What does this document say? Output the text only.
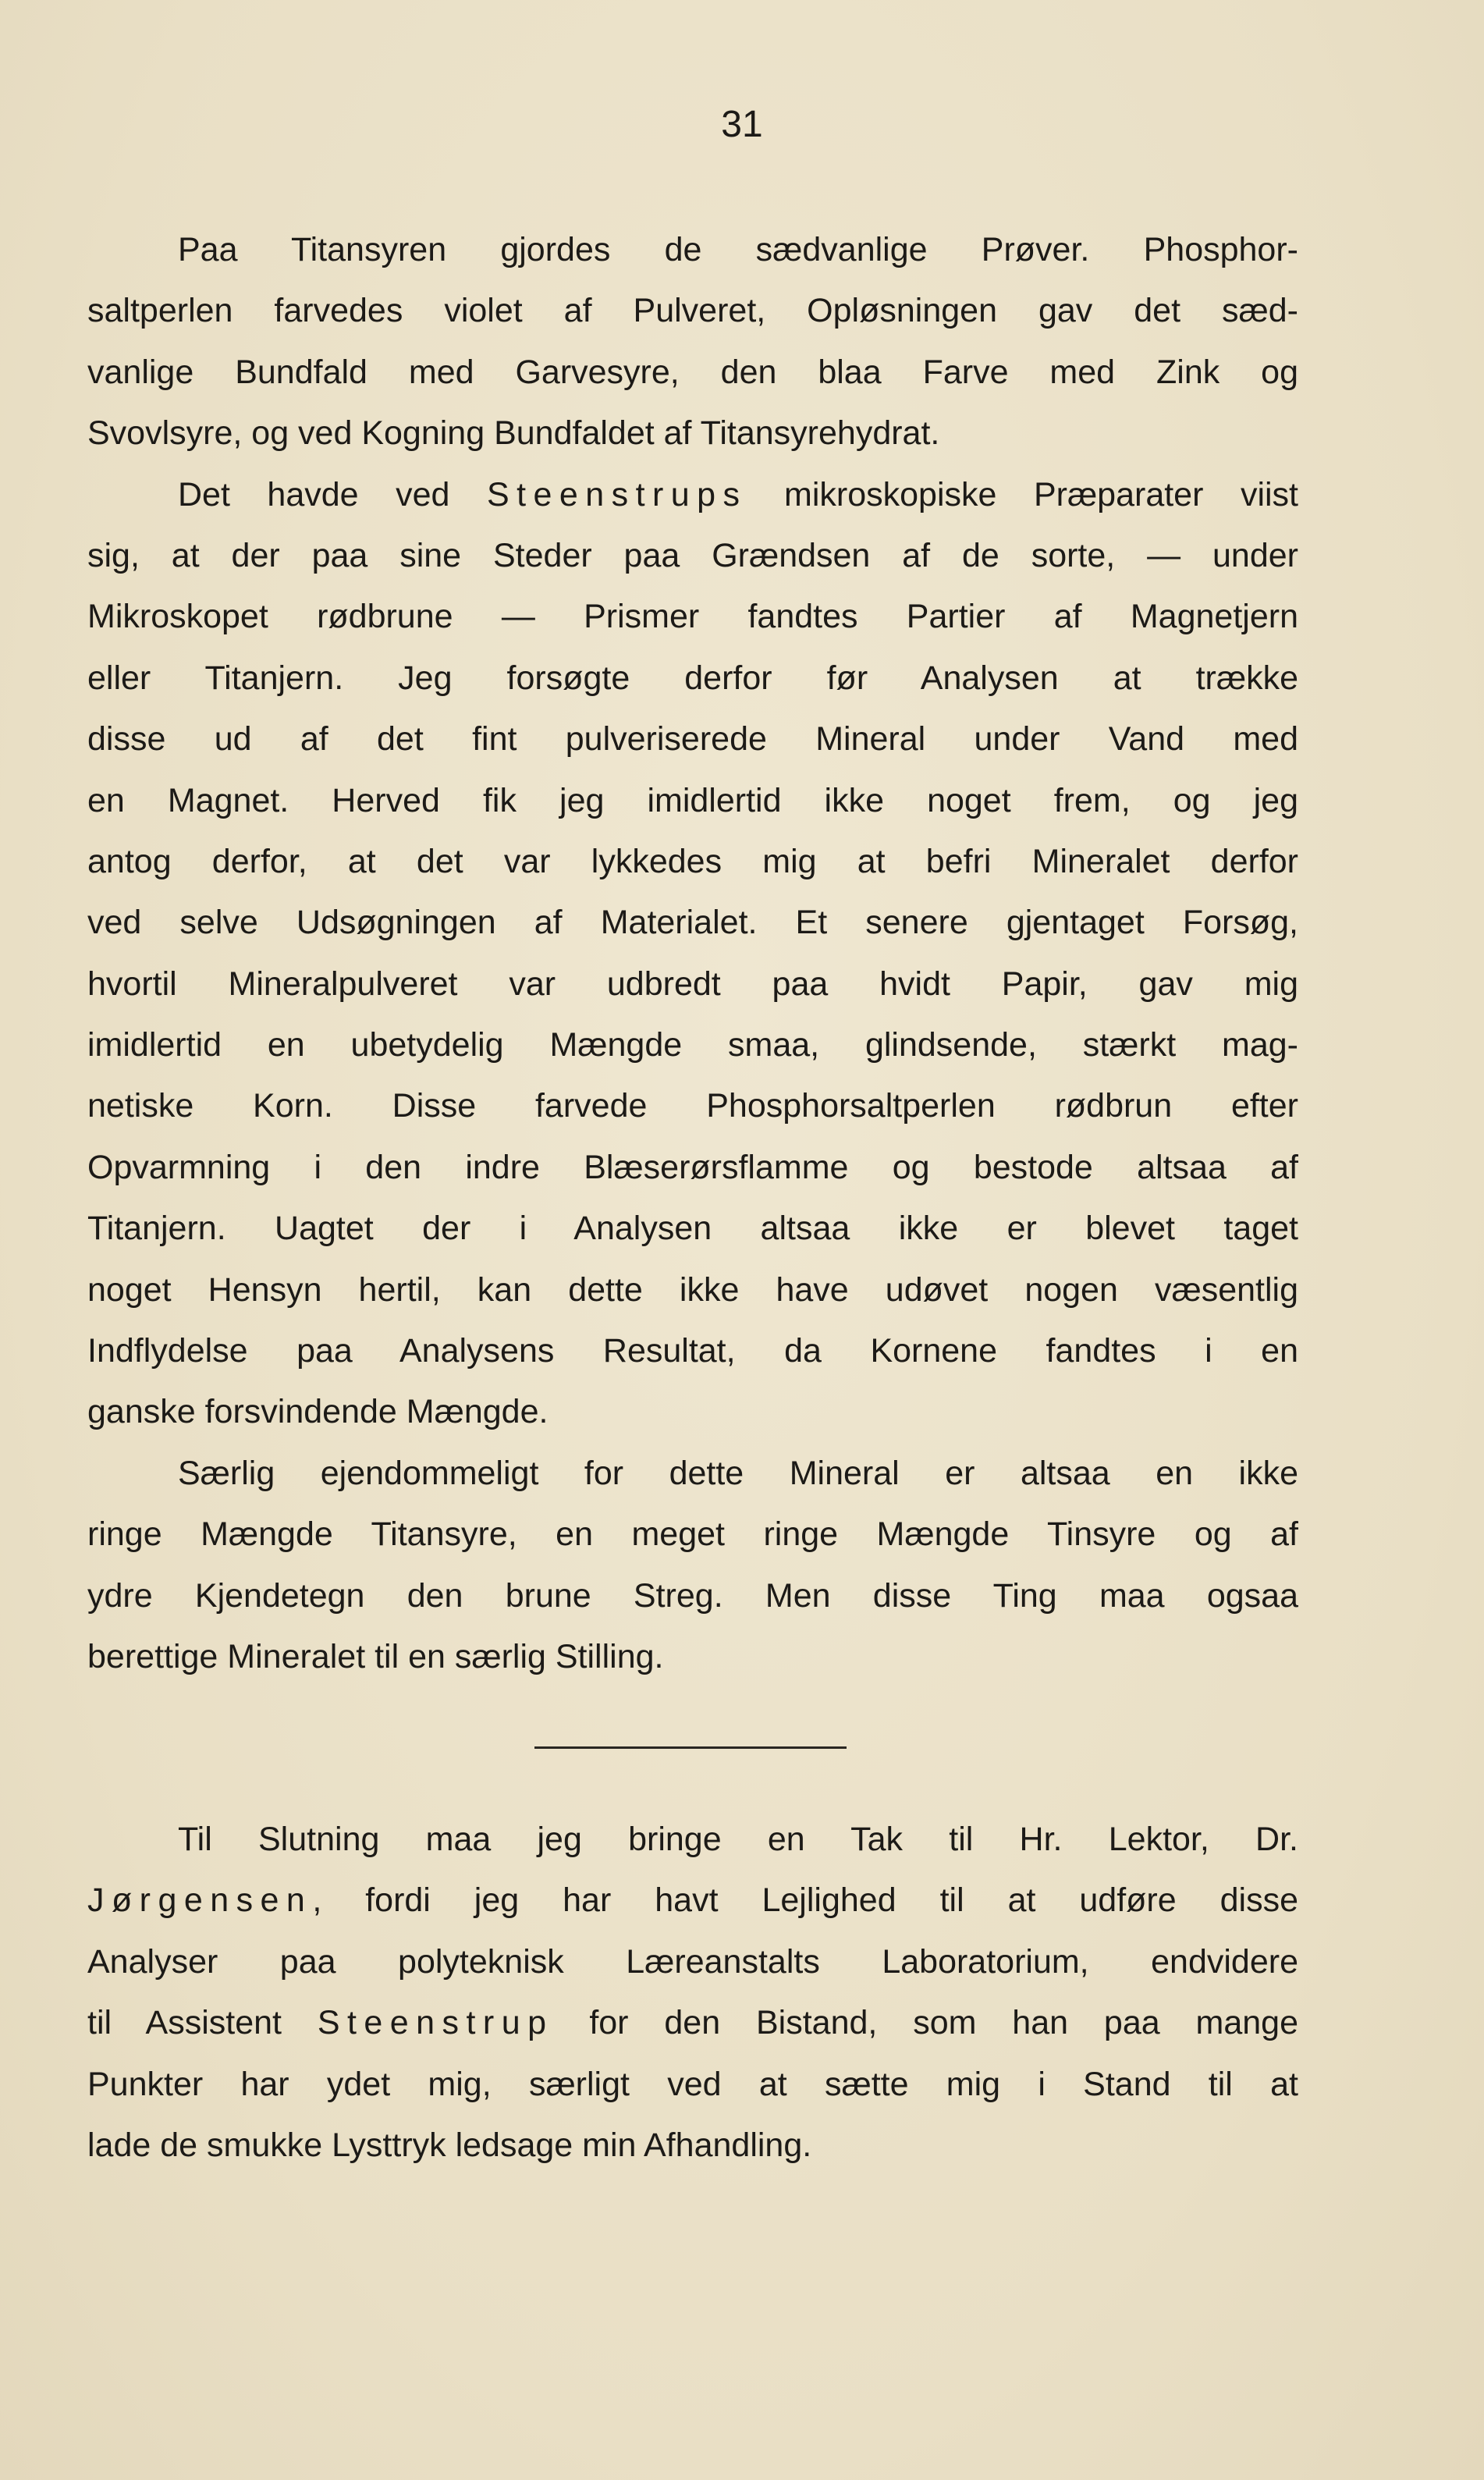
31
Paa Titansyren gjordes de sædvanlige Prøver. Phosphor-
saltperlen farvedes violet af Pulveret, Opløsningen gav det sæd-
vanlige Bundfald med Garvesyre, den blaa Farve med Zink og
Svovlsyre, og ved Kogning Bundfaldet af Titansyrehydrat.
Det havde ved Steenstrups mikroskopiske Præparater viist
sig, at der paa sine Steder paa Grændsen af de sorte, — under
Mikroskopet rødbrune — Prismer fandtes Partier af Magnetjern
eller Titanjern. Jeg forsøgte derfor før Analysen at trække
disse ud af det fint pulveriserede Mineral under Vand med
en Magnet. Herved fik jeg imidlertid ikke noget frem, og jeg
antog derfor, at det var lykkedes mig at befri Mineralet derfor
ved selve Udsøgningen af Materialet. Et senere gjentaget Forsøg,
hvortil Mineralpulveret var udbredt paa hvidt Papir, gav mig
imidlertid en ubetydelig Mængde smaa, glindsende, stærkt mag-
netiske Korn. Disse farvede Phosphorsaltperlen rødbrun efter
Opvarmning i den indre Blæserørsflamme og bestode altsaa af
Titanjern. Uagtet der i Analysen altsaa ikke er blevet taget
noget Hensyn hertil, kan dette ikke have udøvet nogen væsentlig
Indflydelse paa Analysens Resultat, da Kornene fandtes i en
ganske forsvindende Mængde.
Særlig ejendommeligt for dette Mineral er altsaa en ikke
ringe Mængde Titansyre, en meget ringe Mængde Tinsyre og af
ydre Kjendetegn den brune Streg. Men disse Ting maa ogsaa
berettige Mineralet til en særlig Stilling.
Til Slutning maa jeg bringe en Tak til Hr. Lektor, Dr.
Jørgensen, fordi jeg har havt Lejlighed til at udføre disse
Analyser paa polyteknisk Læreanstalts Laboratorium, endvidere
til Assistent Steenstrup for den Bistand, som han paa mange
Punkter har ydet mig, særligt ved at sætte mig i Stand til at
lade de smukke Lysttryk ledsage min Afhandling.
